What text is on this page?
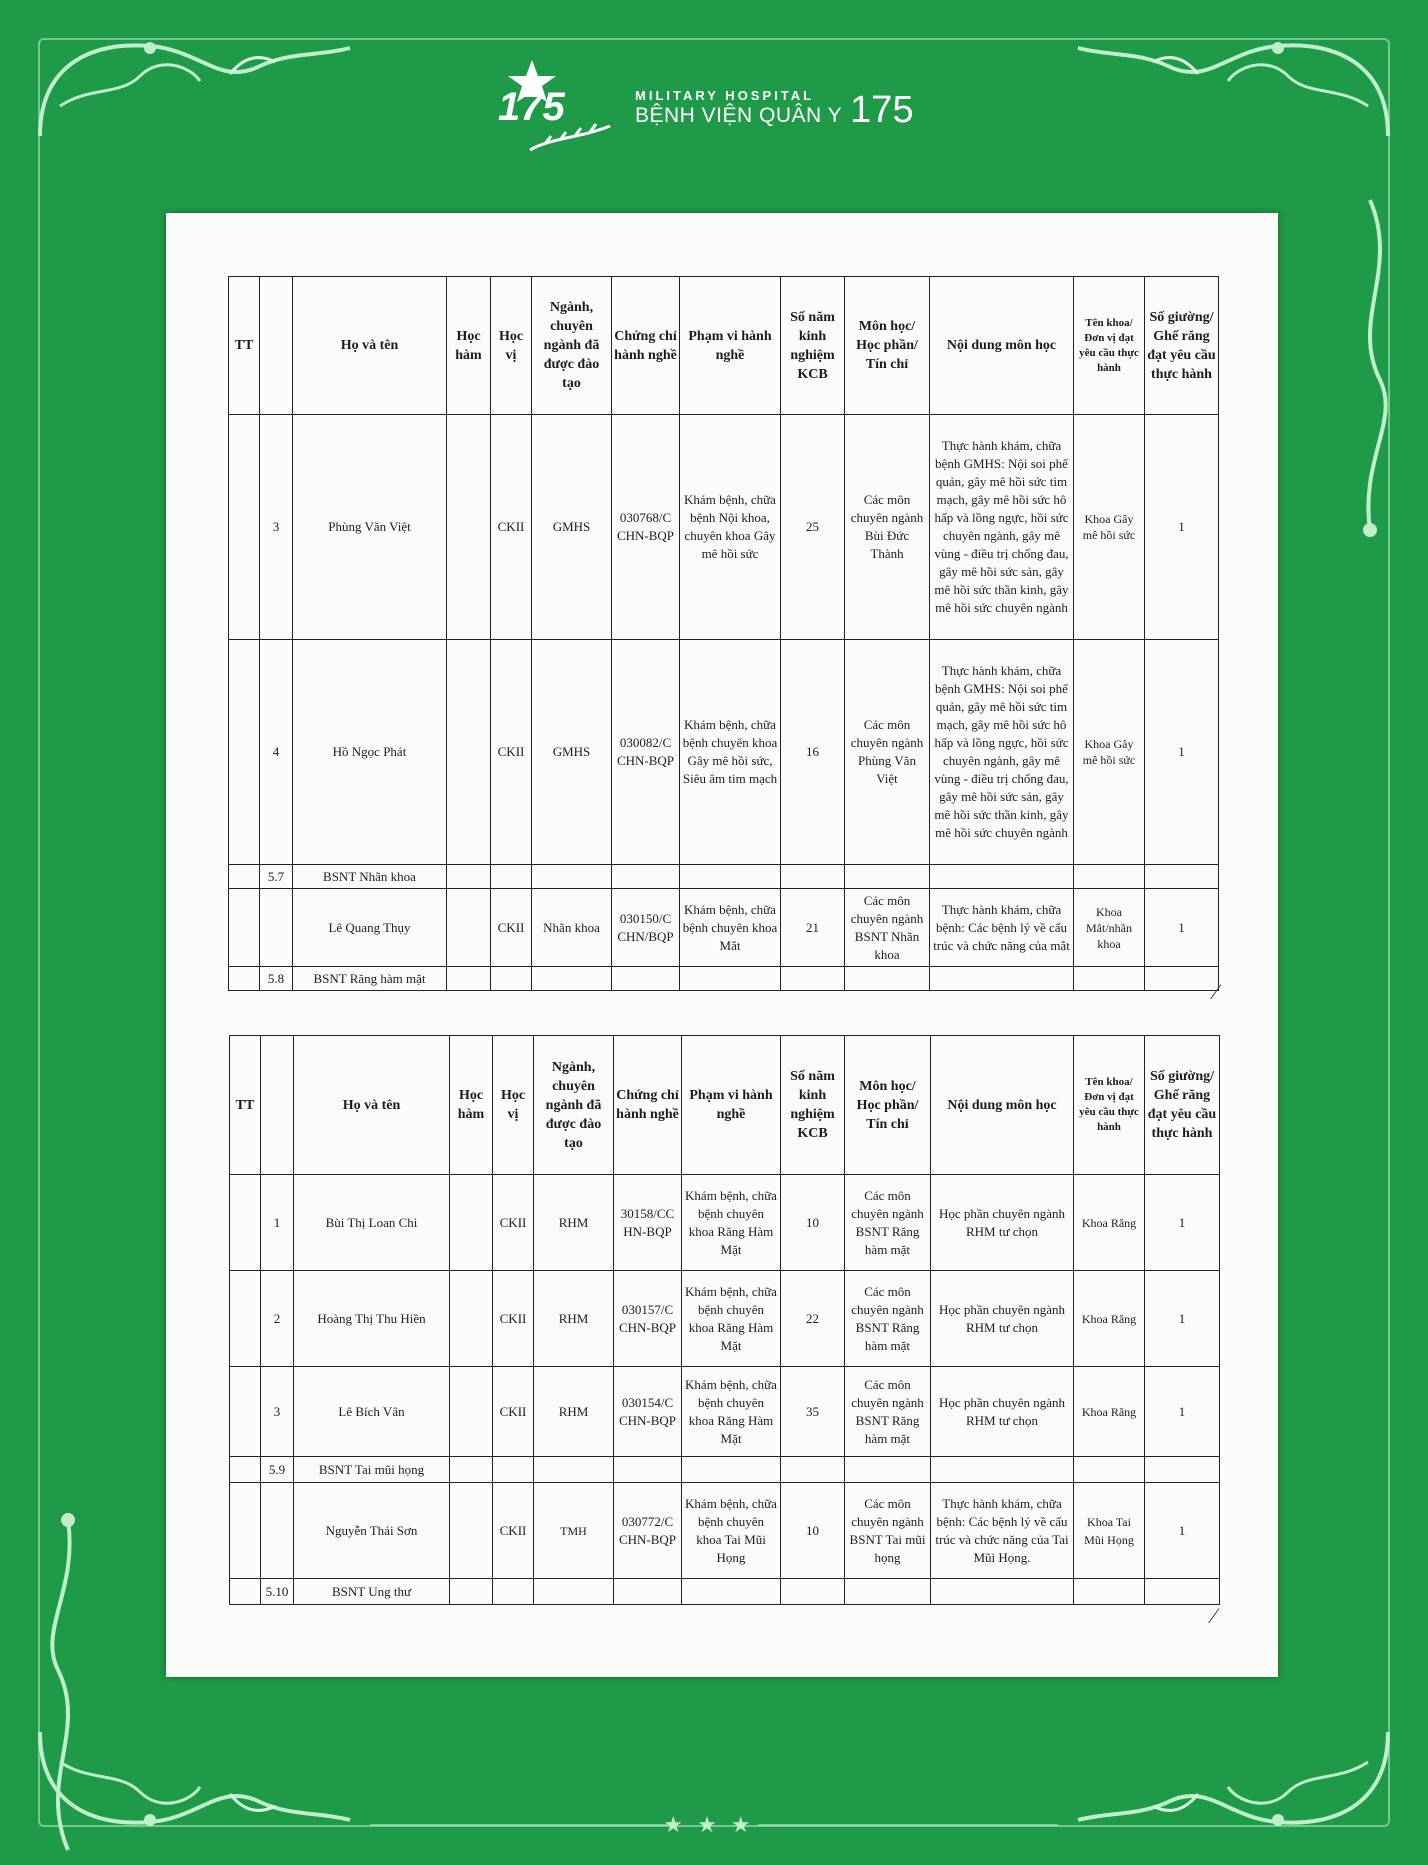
175	MILITARY HOSPITAL
BỆNH VIỆN QUÂN Y 175
TT		Họ và tên	Học hàm	Học vị	Ngành, chuyên ngành đã được đào tạo	Chứng chỉ hành nghề	Phạm vi hành nghề	Số năm kinh nghiệm KCB	Môn học/ Học phần/ Tín chỉ	Nội dung môn học	Tên khoa/ Đơn vị đạt yêu cầu thực hành	Số giường/ Ghế răng đạt yêu cầu thực hành
	3	Phùng Văn Việt		CKII	GMHS	030768/C CHN-BQP	Khám bệnh, chữa bệnh Nội khoa, chuyên khoa Gây mê hồi sức	25	Các môn chuyên ngành Bùi Đức Thành	Thực hành khám, chữa bệnh GMHS: Nội soi phế quản, gây mê hồi sức tim mạch, gây mê hồi sức hô hấp và lồng ngực, hồi sức chuyên ngành, gây mê vùng - điều trị chống đau, gây mê hồi sức sản, gây mê hồi sức thần kinh, gây mê hồi sức chuyên ngành	Khoa Gây mê hồi sức	1
	4	Hồ Ngọc Phát		CKII	GMHS	030082/C CHN-BQP	Khám bệnh, chữa bệnh chuyên khoa Gây mê hồi sức, Siêu âm tim mạch	16	Các môn chuyên ngành Phùng Văn Việt	Thực hành khám, chữa bệnh GMHS: Nội soi phế quản, gây mê hồi sức tim mạch, gây mê hồi sức hô hấp và lồng ngực, hồi sức chuyên ngành, gây mê vùng - điều trị chống đau, gây mê hồi sức sản, gây mê hồi sức thần kinh, gây mê hồi sức chuyên ngành	Khoa Gây mê hồi sức	1
	5.7	BSNT Nhãn khoa										
		Lê Quang Thụy		CKII	Nhãn khoa	030150/C CHN/BQP	Khám bệnh, chữa bệnh chuyên khoa Mắt	21	Các môn chuyên ngành BSNT Nhãn khoa	Thực hành khám, chữa bệnh: Các bệnh lý về cấu trúc và chức năng của mắt	Khoa Mắt/nhãn khoa	1
	5.8	BSNT Răng hàm mặt										
⁄
TT		Họ và tên	Học hàm	Học vị	Ngành, chuyên ngành đã được đào tạo	Chứng chỉ hành nghề	Phạm vi hành nghề	Số năm kinh nghiệm KCB	Môn học/ Học phần/ Tín chỉ	Nội dung môn học	Tên khoa/ Đơn vị đạt yêu cầu thực hành	Số giường/ Ghế răng đạt yêu cầu thực hành
	1	Bùi Thị Loan Chi		CKII	RHM	30158/CC HN-BQP	Khám bệnh, chữa bệnh chuyên khoa Răng Hàm Mặt	10	Các môn chuyên ngành BSNT Răng hàm mặt	Học phần chuyên ngành RHM tư chọn	Khoa Răng	1
	2	Hoàng Thị Thu Hiền		CKII	RHM	030157/C CHN-BQP	Khám bệnh, chữa bệnh chuyên khoa Răng Hàm Mặt	22	Các môn chuyên ngành BSNT Răng hàm mặt	Học phần chuyên ngành RHM tư chọn	Khoa Răng	1
	3	Lê Bích Vân		CKII	RHM	030154/C CHN-BQP	Khám bệnh, chữa bệnh chuyên khoa Răng Hàm Mặt	35	Các môn chuyên ngành BSNT Răng hàm mặt	Học phần chuyên ngành RHM tư chọn	Khoa Răng	1
	5.9	BSNT Tai mũi họng										
		Nguyễn Thái Sơn		CKII	TMH	030772/C CHN-BQP	Khám bệnh, chữa bệnh chuyên khoa Tai Mũi Họng	10	Các môn chuyên ngành BSNT Tai mũi họng	Thực hành khám, chữa bệnh: Các bệnh lý về cấu trúc và chức năng của Tai Mũi Họng.	Khoa Tai Mũi Họng	1
	5.10	BSNT Ung thư										
⁄
★★★
